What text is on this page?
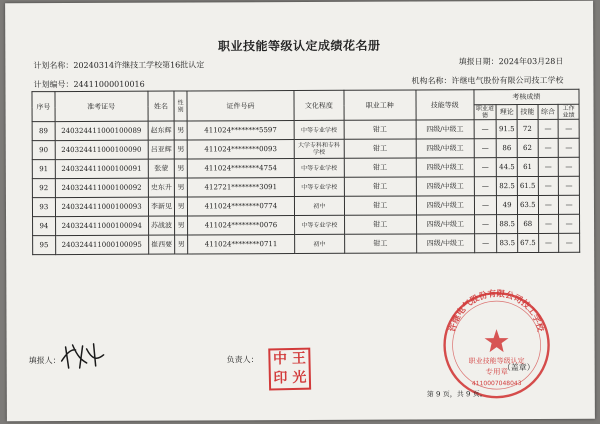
职业技能等级认定成绩花名册
计划名称：20240314许继技工学校第16批认定	填报日期：2024年03月28日
计划编号：24411000010016	机构名称：许继电气股份有限公司技工学校
序号	准考证号	姓名	性别	证件号码	文化程度	职业工种	技能等级	考核成绩				
								职业道德	理论	技能	综合	工作业绩
89	240324411000100089	赵东辉	男	411024********5597	中等专业学校	钳工	四级/中级工	—	91.5	72	—	—
90	240324411000100090	吕亚辉	男	411024********0093	大学专科和专科学校	钳工	四级/中级工	—	86	62	—	—
91	240324411000100091	张蒙	男	411024********4754	中等专业学校	钳工	四级/中级工	—	44.5	61	—	—
92	240324411000100092	史东升	男	412721********3091	中等专业学校	钳工	四级/中级工	—	82.5	61.5	—	—
93	240324411000100093	李新见	男	411024********0774	初中	钳工	四级/中级工	—	49	63.5	—	—
94	240324411000100094	苏战波	男	411024********0076	中等专业学校	钳工	四级/中级工	—	88.5	68	—	—
95	240324411000100095	崔西要	男	411024********0711	初中	钳工	四级/中级工	—	83.5	67.5	—	—
填报人：	负责人： 中 王
印 光
许继电气股份有限公司技工学校
职业技能等级认定
专用章
4110007048043
（盖章）
第 9 页，共 9 页。
